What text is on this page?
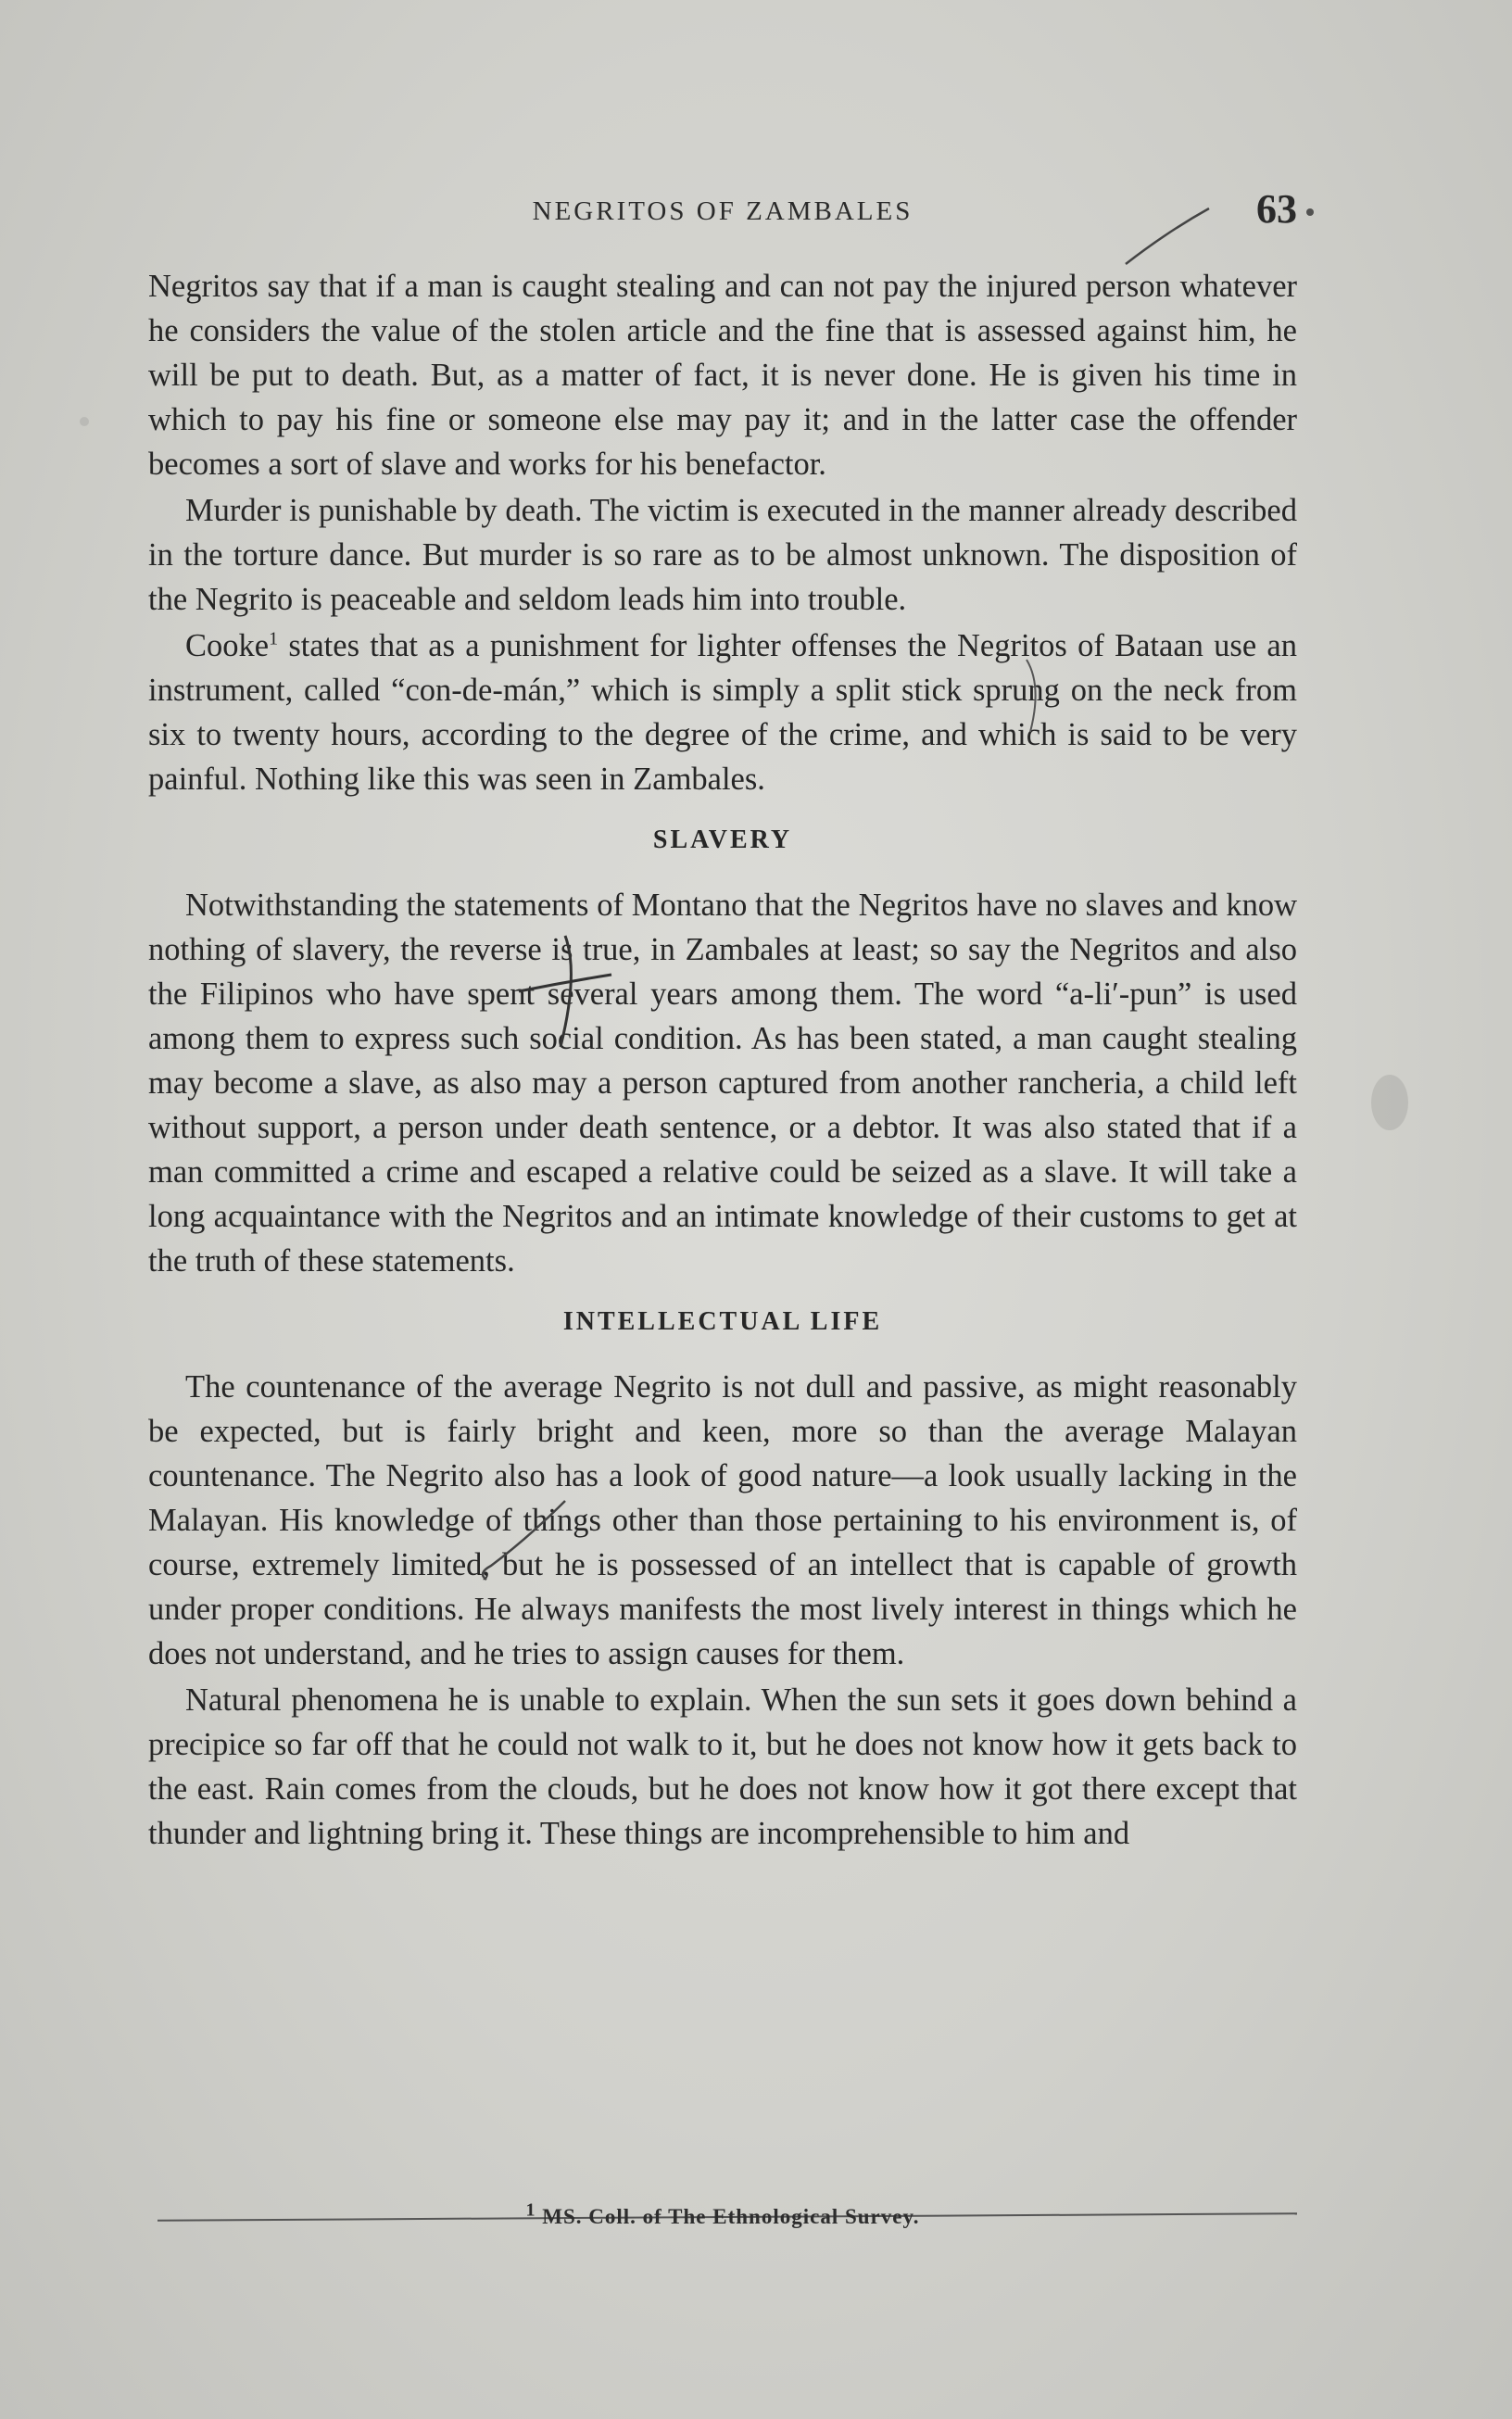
NEGRITOS OF ZAMBALES	63

Negritos say that if a man is caught stealing and can not pay the injured person whatever he considers the value of the stolen article and the fine that is assessed against him, he will be put to death. But, as a matter of fact, it is never done. He is given his time in which to pay his fine or someone else may pay it; and in the latter case the offender becomes a sort of slave and works for his benefactor.

Murder is punishable by death. The victim is executed in the manner already described in the torture dance. But murder is so rare as to be almost unknown. The disposition of the Negrito is peaceable and seldom leads him into trouble.

Cooke$^1$ states that as a punishment for lighter offenses the Negritos of Bataan use an instrument, called “con-de-mán,” which is simply a split stick sprung on the neck from six to twenty hours, according to the degree of the crime, and which is said to be very painful. Nothing like this was seen in Zambales.

SLAVERY

Notwithstanding the statements of Montano that the Negritos have no slaves and know nothing of slavery, the reverse is true, in Zambales at least; so say the Negritos and also the Filipinos who have spent several years among them. The word “a-li′-pun” is used among them to express such social condition. As has been stated, a man caught stealing may become a slave, as also may a person captured from another rancheria, a child left without support, a person under death sentence, or a debtor. It was also stated that if a man committed a crime and escaped a relative could be seized as a slave. It will take a long acquaintance with the Negritos and an intimate knowledge of their customs to get at the truth of these statements.

INTELLECTUAL LIFE

The countenance of the average Negrito is not dull and passive, as might reasonably be expected, but is fairly bright and keen, more so than the average Malayan countenance. The Negrito also has a look of good nature—a look usually lacking in the Malayan. His knowledge of things other than those pertaining to his environment is, of course, extremely limited, but he is possessed of an intellect that is capable of growth under proper conditions. He always manifests the most lively interest in things which he does not understand, and he tries to assign causes for them.

Natural phenomena he is unable to explain. When the sun sets it goes down behind a precipice so far off that he could not walk to it, but he does not know how it gets back to the east. Rain comes from the clouds, but he does not know how it got there except that thunder and lightning bring it. These things are incomprehensible to him and

$^1$ MS. Coll. of The Ethnological Survey.
